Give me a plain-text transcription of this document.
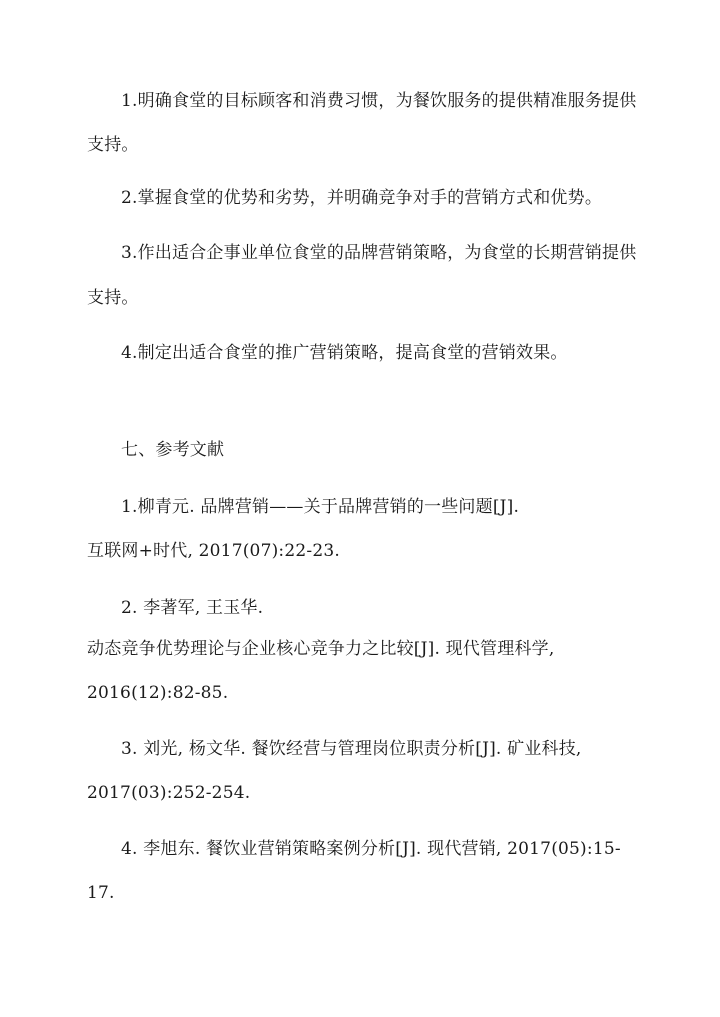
1.明确食堂的目标顾客和消费习惯，为餐饮服务的提供精准服务提供
支持。
2.掌握食堂的优势和劣势，并明确竞争对手的营销方式和优势。
3.作出适合企事业单位食堂的品牌营销策略，为食堂的长期营销提供
支持。
4.制定出适合食堂的推广营销策略，提高食堂的营销效果。
七、参考文献
1.柳青元. 品牌营销——关于品牌营销的一些问题[J].
互联网+时代, 2017(07):22-23.
2. 李著军, 王玉华.
动态竞争优势理论与企业核心竞争力之比较[J]. 现代管理科学,
2016(12):82-85.
3. 刘光, 杨文华. 餐饮经营与管理岗位职责分析[J]. 矿业科技,
2017(03):252-254.
4. 李旭东. 餐饮业营销策略案例分析[J]. 现代营销, 2017(05):15-
17.
